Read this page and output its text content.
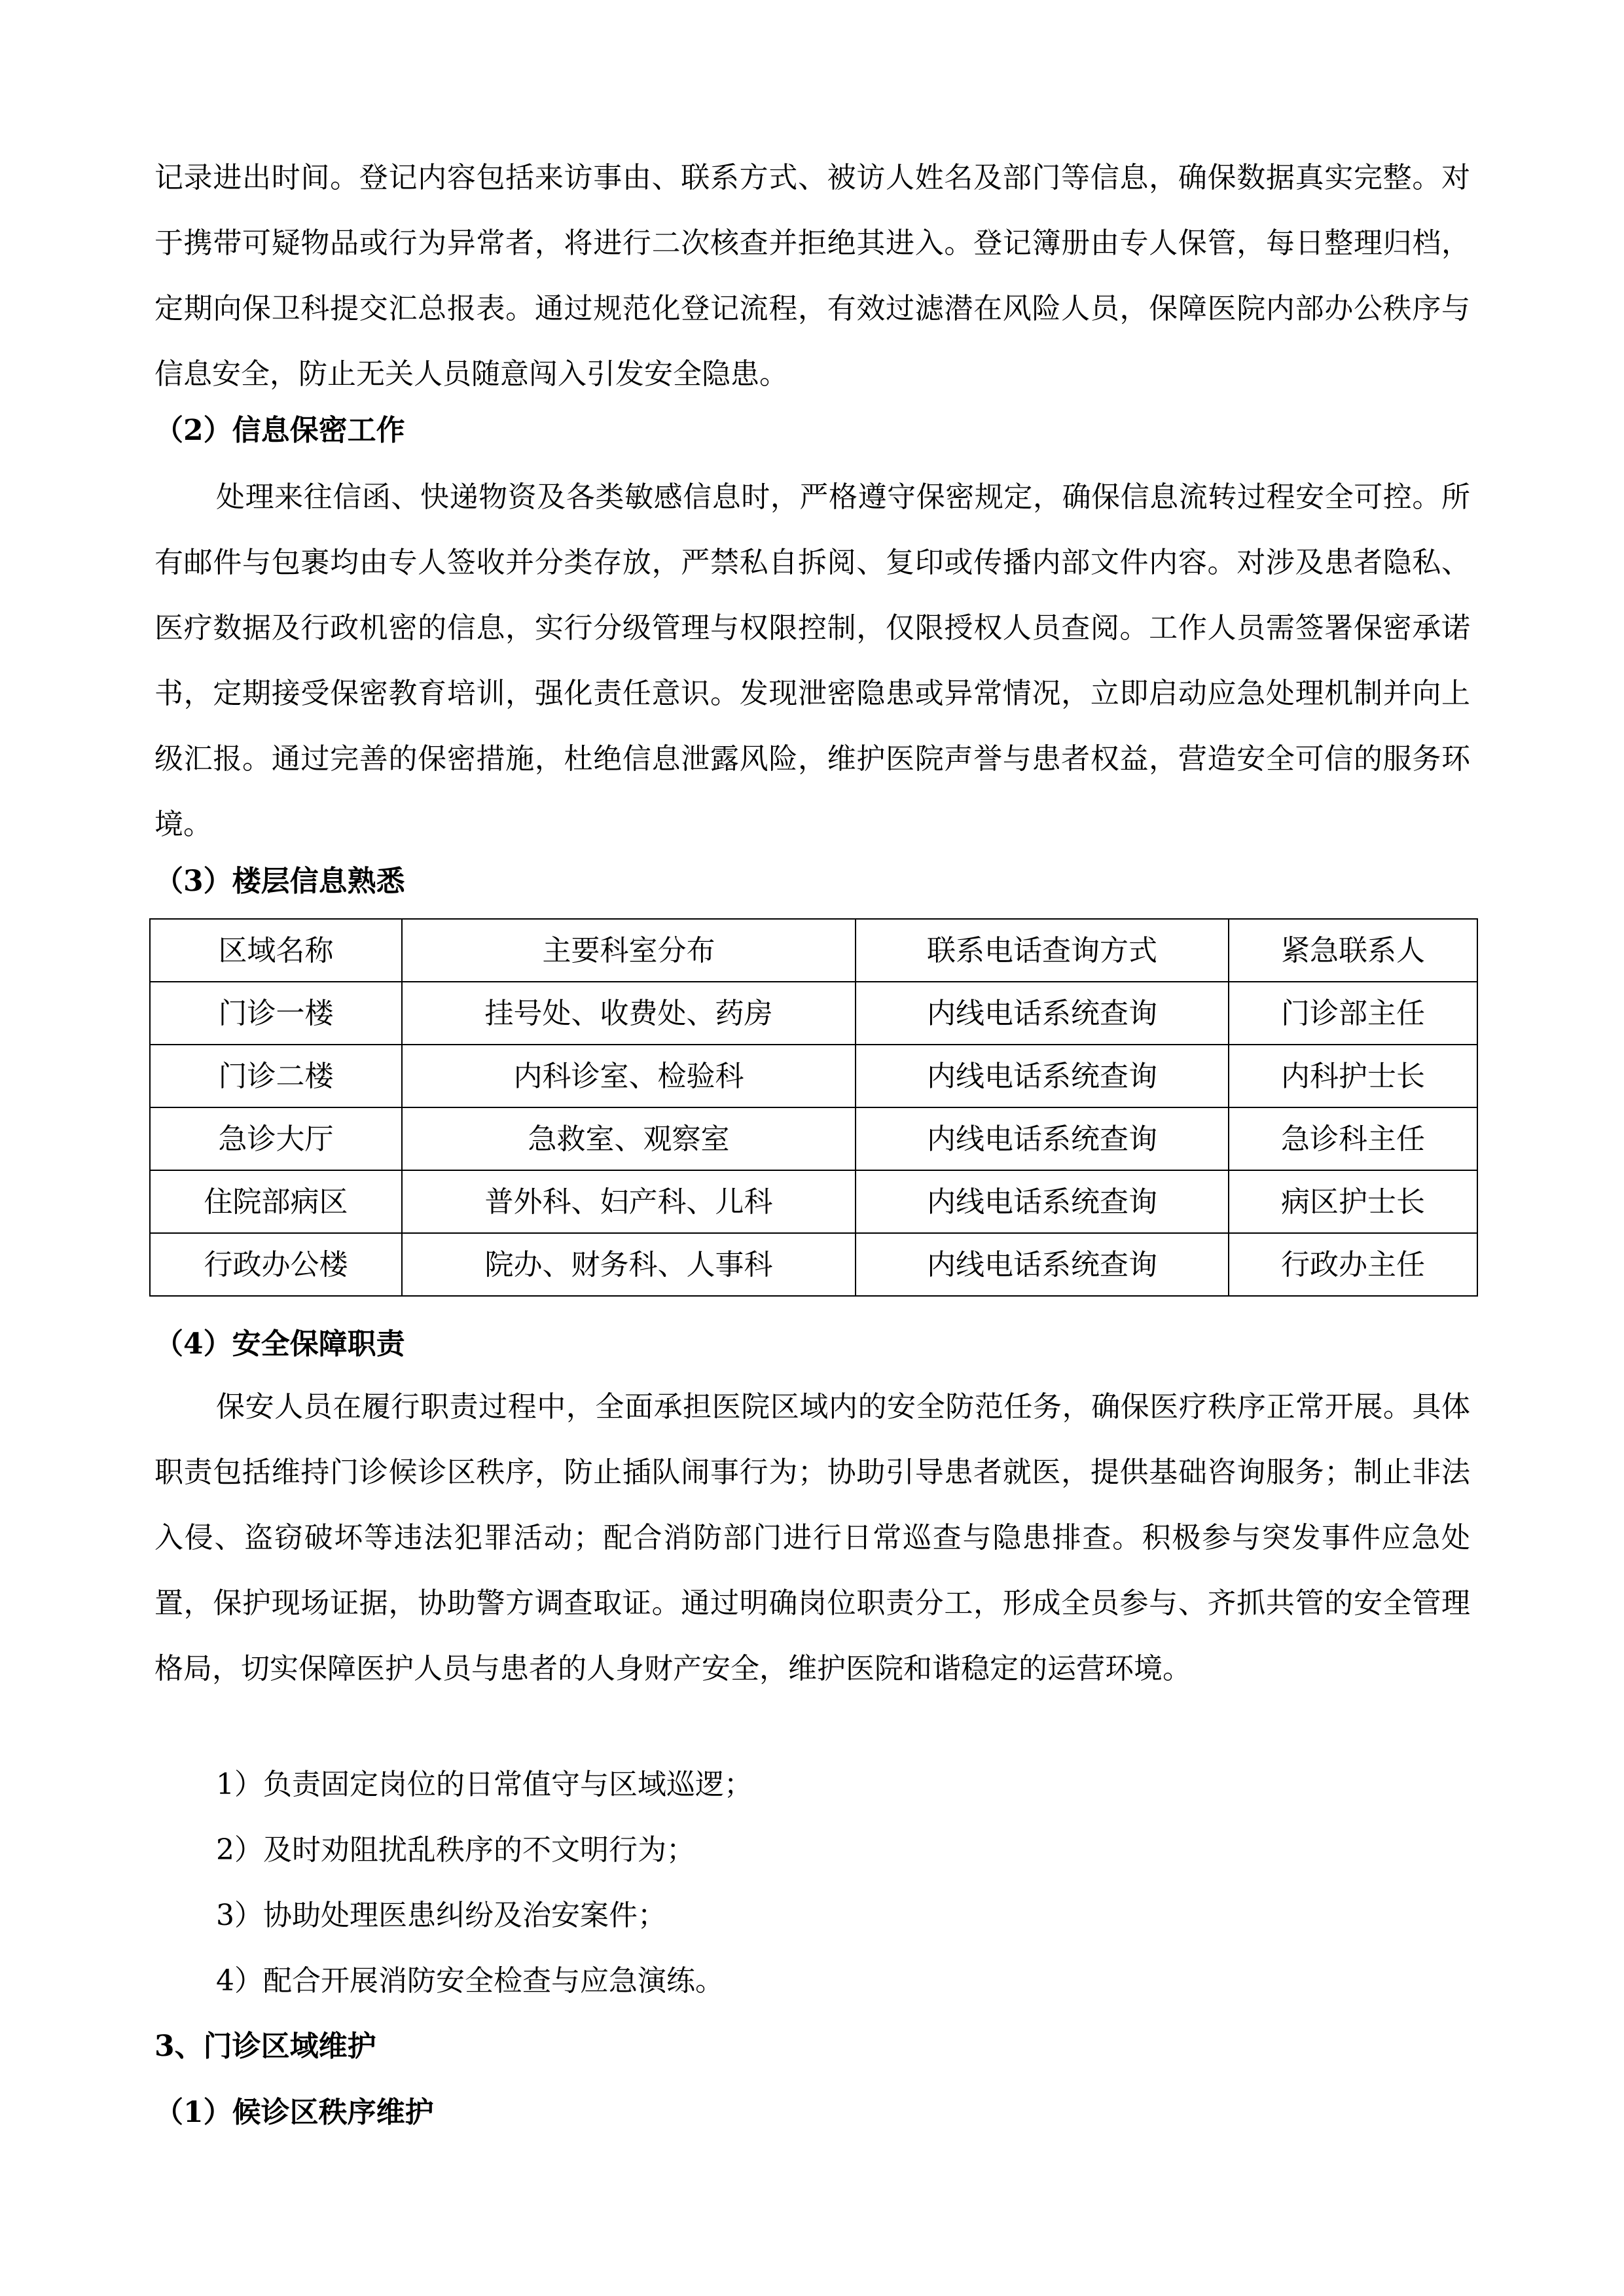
记录进出时间。登记内容包括来访事由、联系方式、被访人姓名及部门等信息，确保数据真实完整。对于携带可疑物品或行为异常者，将进行二次核查并拒绝其进入。登记簿册由专人保管，每日整理归档，定期向保卫科提交汇总报表。通过规范化登记流程，有效过滤潜在风险人员，保障医院内部办公秩序与信息安全，防止无关人员随意闯入引发安全隐患。

（2）信息保密工作

处理来往信函、快递物资及各类敏感信息时，严格遵守保密规定，确保信息流转过程安全可控。所有邮件与包裹均由专人签收并分类存放，严禁私自拆阅、复印或传播内部文件内容。对涉及患者隐私、医疗数据及行政机密的信息，实行分级管理与权限控制，仅限授权人员查阅。工作人员需签署保密承诺书，定期接受保密教育培训，强化责任意识。发现泄密隐患或异常情况，立即启动应急处理机制并向上级汇报。通过完善的保密措施，杜绝信息泄露风险，维护医院声誉与患者权益，营造安全可信的服务环境。

（3）楼层信息熟悉

区域名称	主要科室分布	联系电话查询方式	紧急联系人
门诊一楼	挂号处、收费处、药房	内线电话系统查询	门诊部主任
门诊二楼	内科诊室、检验科	内线电话系统查询	内科护士长
急诊大厅	急救室、观察室	内线电话系统查询	急诊科主任
住院部病区	普外科、妇产科、儿科	内线电话系统查询	病区护士长
行政办公楼	院办、财务科、人事科	内线电话系统查询	行政办主任

（4）安全保障职责

保安人员在履行职责过程中，全面承担医院区域内的安全防范任务，确保医疗秩序正常开展。具体职责包括维持门诊候诊区秩序，防止插队闹事行为；协助引导患者就医，提供基础咨询服务；制止非法入侵、盗窃破坏等违法犯罪活动；配合消防部门进行日常巡查与隐患排查。积极参与突发事件应急处置，保护现场证据，协助警方调查取证。通过明确岗位职责分工，形成全员参与、齐抓共管的安全管理格局，切实保障医护人员与患者的人身财产安全，维护医院和谐稳定的运营环境。

1）负责固定岗位的日常值守与区域巡逻；

2）及时劝阻扰乱秩序的不文明行为；

3）协助处理医患纠纷及治安案件；

4）配合开展消防安全检查与应急演练。

3、门诊区域维护

（1）候诊区秩序维护
